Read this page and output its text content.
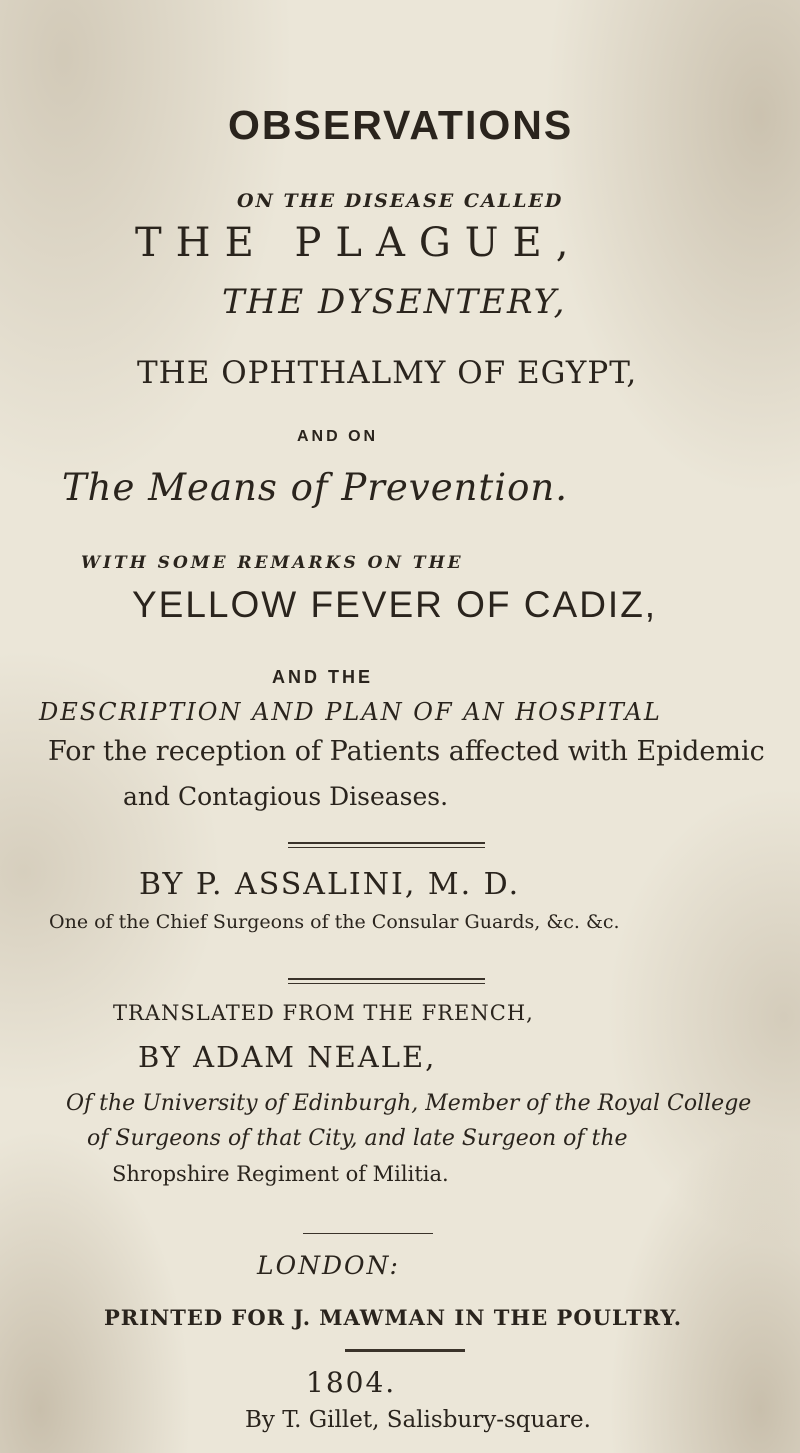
OBSERVATIONS
ON THE DISEASE CALLED
THE PLAGUE,
THE DYSENTERY,
THE OPHTHALMY OF EGYPT,
AND ON
The Means of Prevention.
WITH SOME REMARKS ON THE
YELLOW FEVER OF CADIZ,
AND THE
DESCRIPTION AND PLAN OF AN HOSPITAL
For the reception of Patients affected with Epidemic
and Contagious Diseases.
BY P. ASSALINI, M. D.
One of the Chief Surgeons of the Consular Guards, &c. &c.
TRANSLATED FROM THE FRENCH,
BY ADAM NEALE,
Of the University of Edinburgh, Member of the Royal College
of Surgeons of that City, and late Surgeon of the
Shropshire Regiment of Militia.
LONDON:
PRINTED FOR J. MAWMAN IN THE POULTRY.
1804.
By T. Gillet, Salisbury-square.
